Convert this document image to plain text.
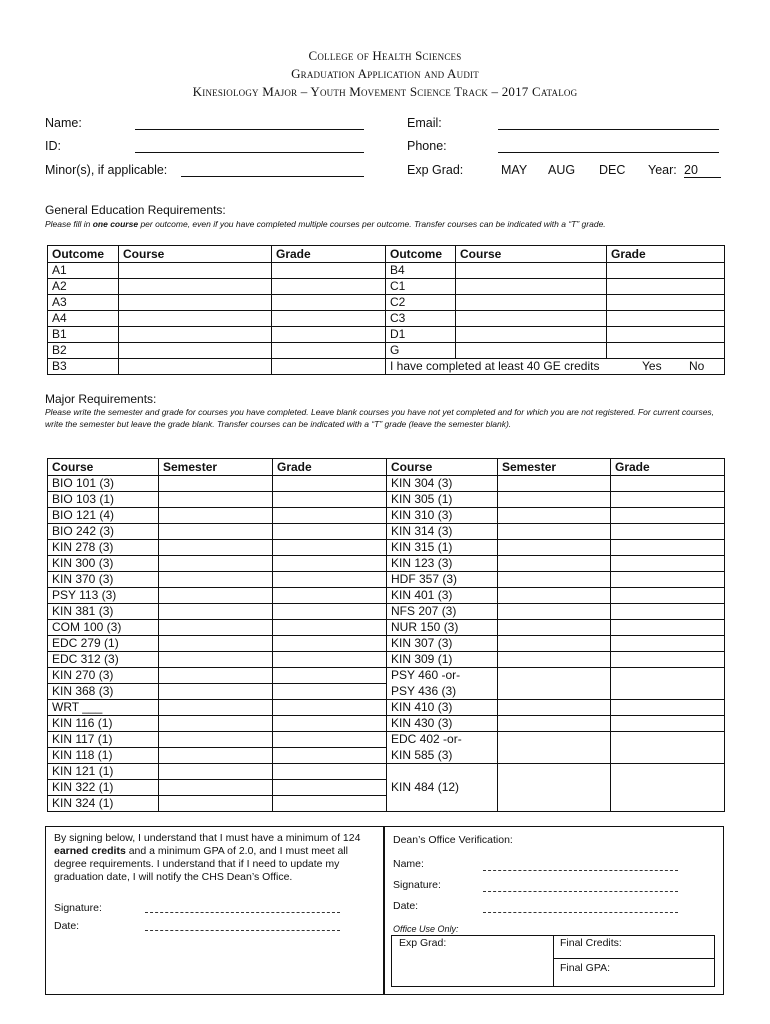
College of Health Sciences
Graduation Application and Audit
Kinesiology Major – Youth Movement Science Track – 2017 Catalog
Name:
ID:
Minor(s), if applicable:
Email:
Phone:
Exp Grad:	MAY AUG DEC Year: 20
General Education Requirements:
Please fill in one course per outcome, even if you have completed multiple courses per outcome. Transfer courses can be indicated with a “T” grade.
Outcome	Course	Grade	Outcome	Course	Grade
A1			B4		
A2			C1		
A3			C2		
A4			C3		
B1			D1		
B2			G		
B3			I have completed at least 40 GE credits Yes No		
Major Requirements:
Please write the semester and grade for courses you have completed. Leave blank courses you have not yet completed and for which you are not registered. For current courses, write the semester but leave the grade blank. Transfer courses can be indicated with a “T” grade (leave the semester blank).
Course	Semester	Grade	Course	Semester	Grade
BIO 101 (3)			KIN 304 (3)		
BIO 103 (1)			KIN 305 (1)		
BIO 121 (4)			KIN 310 (3)		
BIO 242 (3)			KIN 314 (3)		
KIN 278 (3)			KIN 315 (1)		
KIN 300 (3)			KIN 123 (3)		
KIN 370 (3)			HDF 357 (3)		
PSY 113 (3)			KIN 401 (3)		
KIN 381 (3)			NFS 207 (3)		
COM 100 (3)			NUR 150 (3)		
EDC 279 (1)			KIN 307 (3)		
EDC 312 (3)			KIN 309 (1)		
KIN 270 (3)			PSY 460 -or-		
KIN 368 (3)			PSY 436 (3)		
WRT ___			KIN 410 (3)		
KIN 116 (1)			KIN 430 (3)		
KIN 117 (1)			EDC 402 -or-		
KIN 118 (1)			KIN 585 (3)		
KIN 121 (1)			KIN 484 (12)		
KIN 322 (1)					
KIN 324 (1)					
By signing below, I understand that I must have a minimum of 124 earned credits and a minimum GPA of 2.0, and I must meet all degree requirements. I understand that if I need to update my graduation date, I will notify the CHS Dean’s Office.
Signature:
Date:
Dean’s Office Verification:
Name:
Signature:
Date:
Office Use Only:
Exp Grad:	Final Credits:
Final GPA:
